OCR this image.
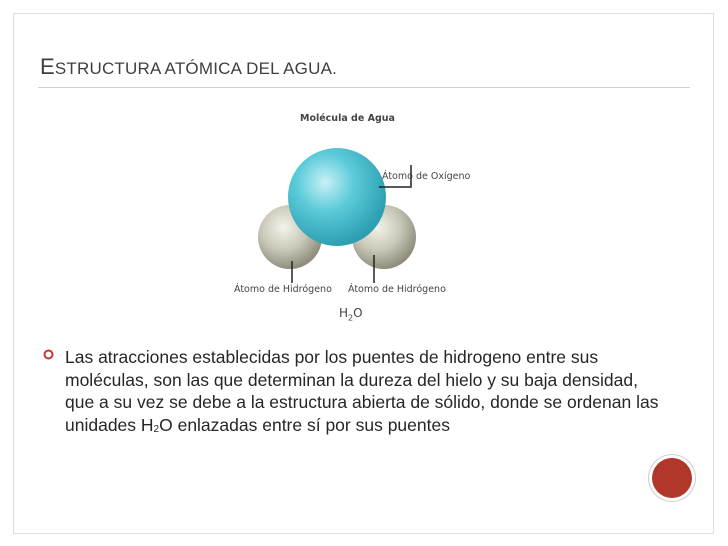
ESTRUCTURA ATÓMICA DEL AGUA.
Molécula de Agua
Átomo de Oxígeno
Átomo de Hidrógeno Átomo de Hidrógeno
$H_2O$
Las atracciones establecidas por los puentes de hidrogeno entre sus moléculas, son las que determinan la dureza del hielo y su baja densidad, que a su vez se debe a la estructura abierta de sólido, donde se ordenan las unidades $H_2O$ enlazadas entre sí por sus puentes
